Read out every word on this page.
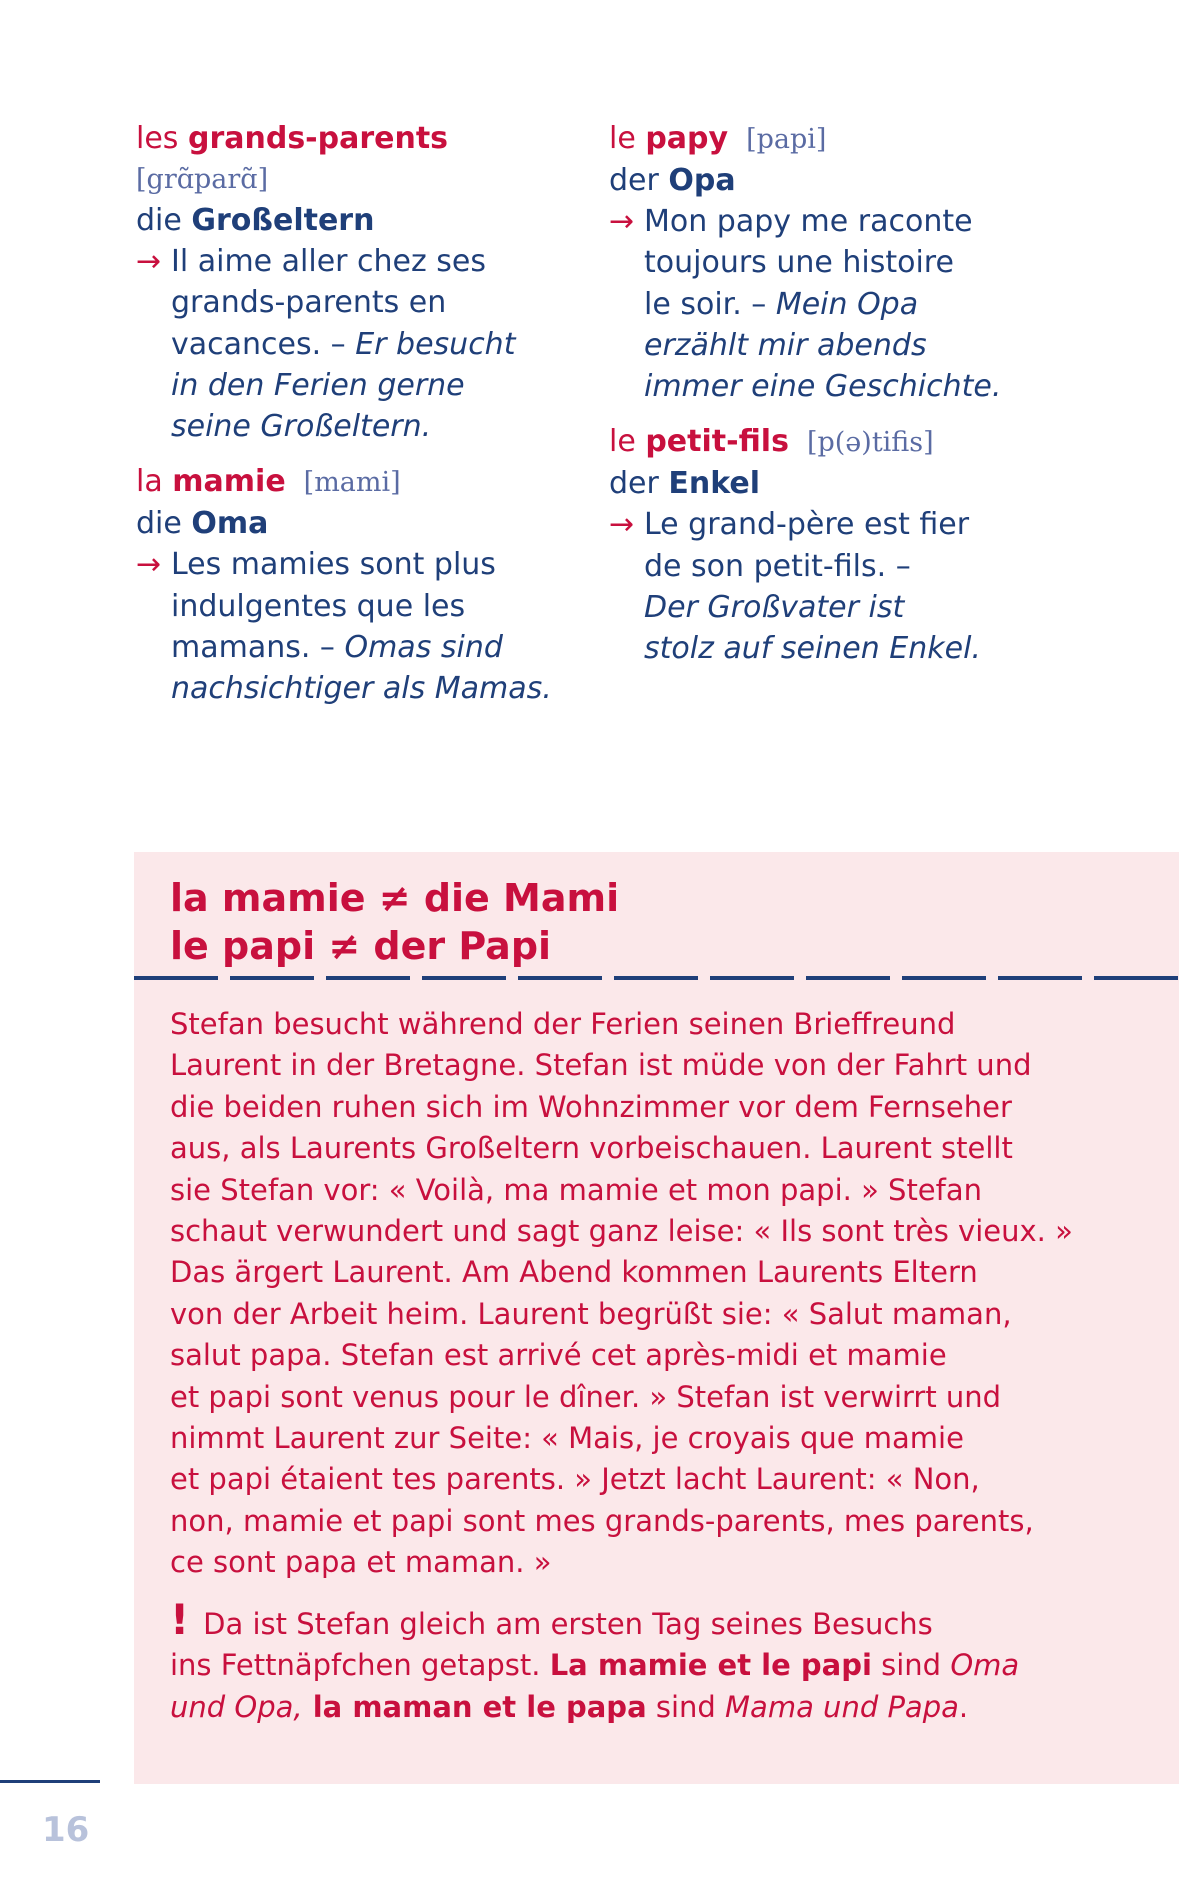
les grands-parents
[grɑ̃parɑ̃]
die Großeltern
→ Il aime aller chez ses
grands-parents en
vacances. – Er besucht
in den Ferien gerne
seine Großeltern.
la mamie [mami]
die Oma
→ Les mamies sont plus
indulgentes que les
mamans. – Omas sind
nachsichtiger als Mamas.
le papy [papi]
der Opa
→ Mon papy me raconte
toujours une histoire
le soir. – Mein Opa
erzählt mir abends
immer eine Geschichte.
le petit-fils [p(ə)tifis]
der Enkel
→ Le grand-père est fier
de son petit-fils. –
Der Großvater ist
stolz auf seinen Enkel.
la mamie ≠ die Mami
le papi ≠ der Papi
Stefan besucht während der Ferien seinen Brieffreund
Laurent in der Bretagne. Stefan ist müde von der Fahrt und
die beiden ruhen sich im Wohnzimmer vor dem Fernseher
aus, als Laurents Großeltern vorbeischauen. Laurent stellt
sie Stefan vor: « Voilà, ma mamie et mon papi. » Stefan
schaut verwundert und sagt ganz leise: « Ils sont très vieux. »
Das ärgert Laurent. Am Abend kommen Laurents Eltern
von der Arbeit heim. Laurent begrüßt sie: « Salut maman,
salut papa. Stefan est arrivé cet après-midi et mamie
et papi sont venus pour le dîner. » Stefan ist verwirrt und
nimmt Laurent zur Seite: « Mais, je croyais que mamie
et papi étaient tes parents. » Jetzt lacht Laurent: « Non,
non, mamie et papi sont mes grands-parents, mes parents,
ce sont papa et maman. »
! Da ist Stefan gleich am ersten Tag seines Besuchs
ins Fettnäpfchen getapst. La mamie et le papi sind Oma
und Opa, la maman et le papa sind Mama und Papa.
16
